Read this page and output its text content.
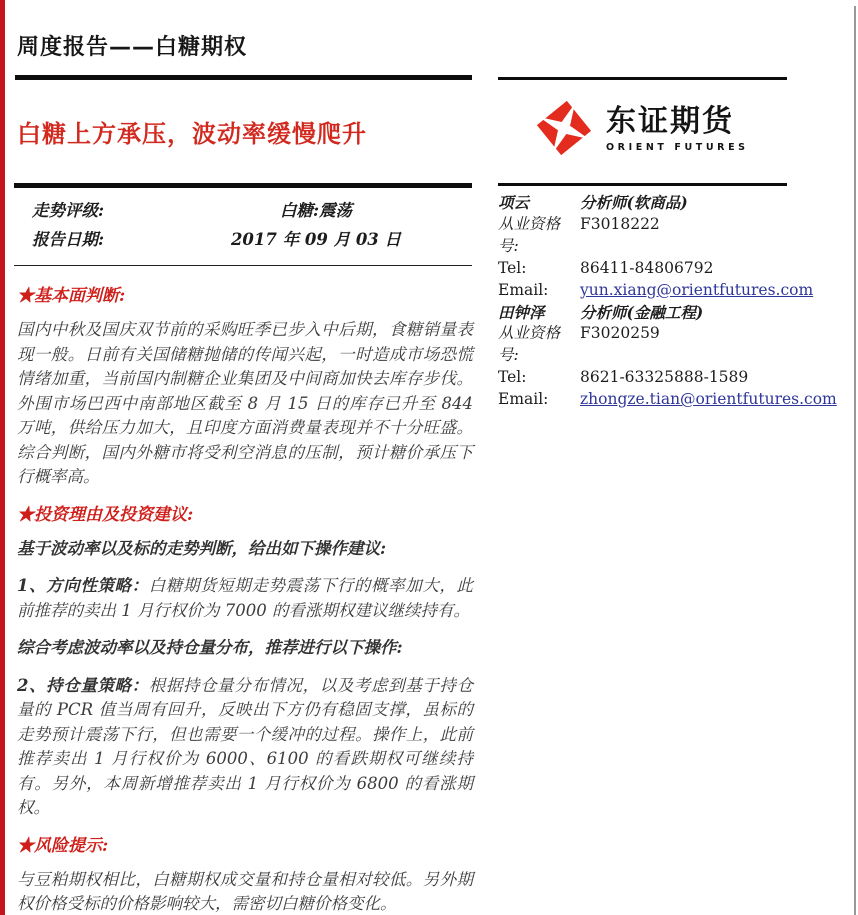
周度报告——白糖期权
白糖上方承压，波动率缓慢爬升	东证期货
ORIENT FUTURES
走势评级:	白糖:震荡
报告日期:	2017 年 09 月 03 日
项云	分析师(软商品)
从业资格号:
F3018222
Tel:	86411-84806792
Email:	yun.xiang@orientfutures.com
田钟泽	分析师(金融工程)
从业资格号:
F3020259
Tel:	8621-63325888-1589
Email:	zhongze.tian@orientfutures.com
★基本面判断:

国内中秋及国庆双节前的采购旺季已步入中后期，食糖销量表现一般。日前有关国储糖抛储的传闻兴起，一时造成市场恐慌情绪加重，当前国内制糖企业集团及中间商加快去库存步伐。外围市场巴西中南部地区截至 8 月 15 日的库存已升至 844 万吨，供给压力加大，且印度方面消费量表现并不十分旺盛。综合判断，国内外糖市将受利空消息的压制，预计糖价承压下行概率高。

★投资理由及投资建议:

基于波动率以及标的走势判断，给出如下操作建议:

1、方向性策略：白糖期货短期走势震荡下行的概率加大，此前推荐的卖出 1 月行权价为 7000 的看涨期权建议继续持有。

综合考虑波动率以及持仓量分布，推荐进行以下操作:

2、持仓量策略：根据持仓量分布情况，以及考虑到基于持仓量的 PCR 值当周有回升，反映出下方仍有稳固支撑，虽标的走势预计震荡下行，但也需要一个缓冲的过程。操作上，此前推荐卖出 1 月行权价为 6000、6100 的看跌期权可继续持有。另外，本周新增推荐卖出 1 月行权价为 6800 的看涨期权。

★风险提示:

与豆粕期权相比，白糖期权成交量和持仓量相对较低。另外期权价格受标的价格影响较大，需密切白糖价格变化。
